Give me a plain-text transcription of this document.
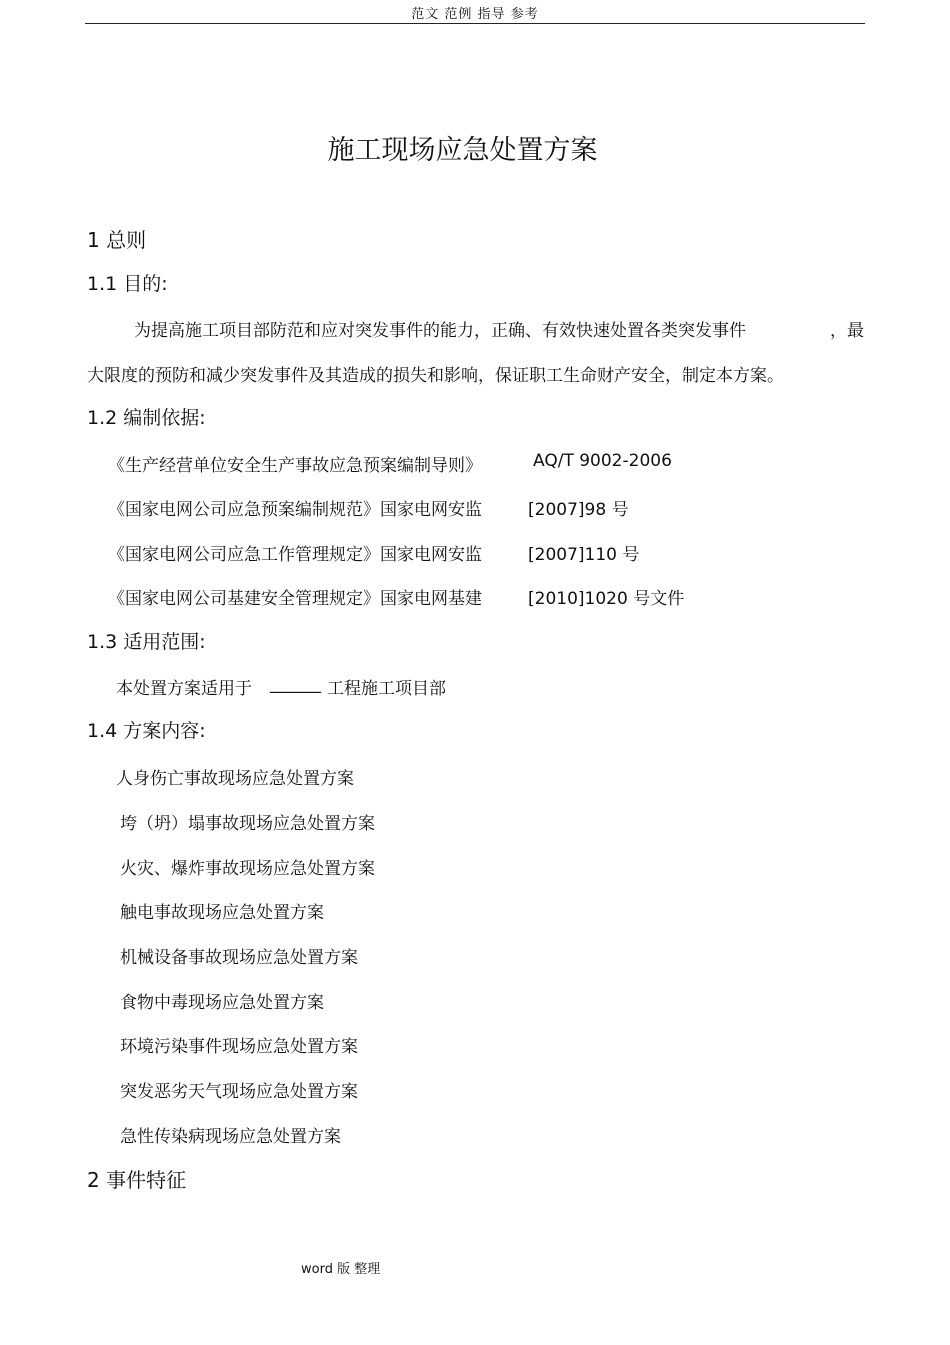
范文 范例 指导 参考
施工现场应急处置方案
1 总则
1.1 目的:
为提高施工项目部防范和应对突发事件的能力，正确、有效快速处置各类突发事件	，最
大限度的预防和减少突发事件及其造成的损失和影响，保证职工生命财产安全，制定本方案。
1.2 编制依据:
《生产经营单位安全生产事故应急预案编制导则》	AQ/T 9002-2006
《国家电网公司应急预案编制规范》国家电网安监	[2007]98 号
《国家电网公司应急工作管理规定》国家电网安监	[2007]110 号
《国家电网公司基建安全管理规定》国家电网基建	[2010]1020 号文件
1.3 适用范围:
本处置方案适用于 ______ 工程施工项目部
1.4 方案内容:
人身伤亡事故现场应急处置方案
垮（坍）塌事故现场应急处置方案
火灾、爆炸事故现场应急处置方案
触电事故现场应急处置方案
机械设备事故现场应急处置方案
食物中毒现场应急处置方案
环境污染事件现场应急处置方案
突发恶劣天气现场应急处置方案
急性传染病现场应急处置方案
2 事件特征
word 版 整理
